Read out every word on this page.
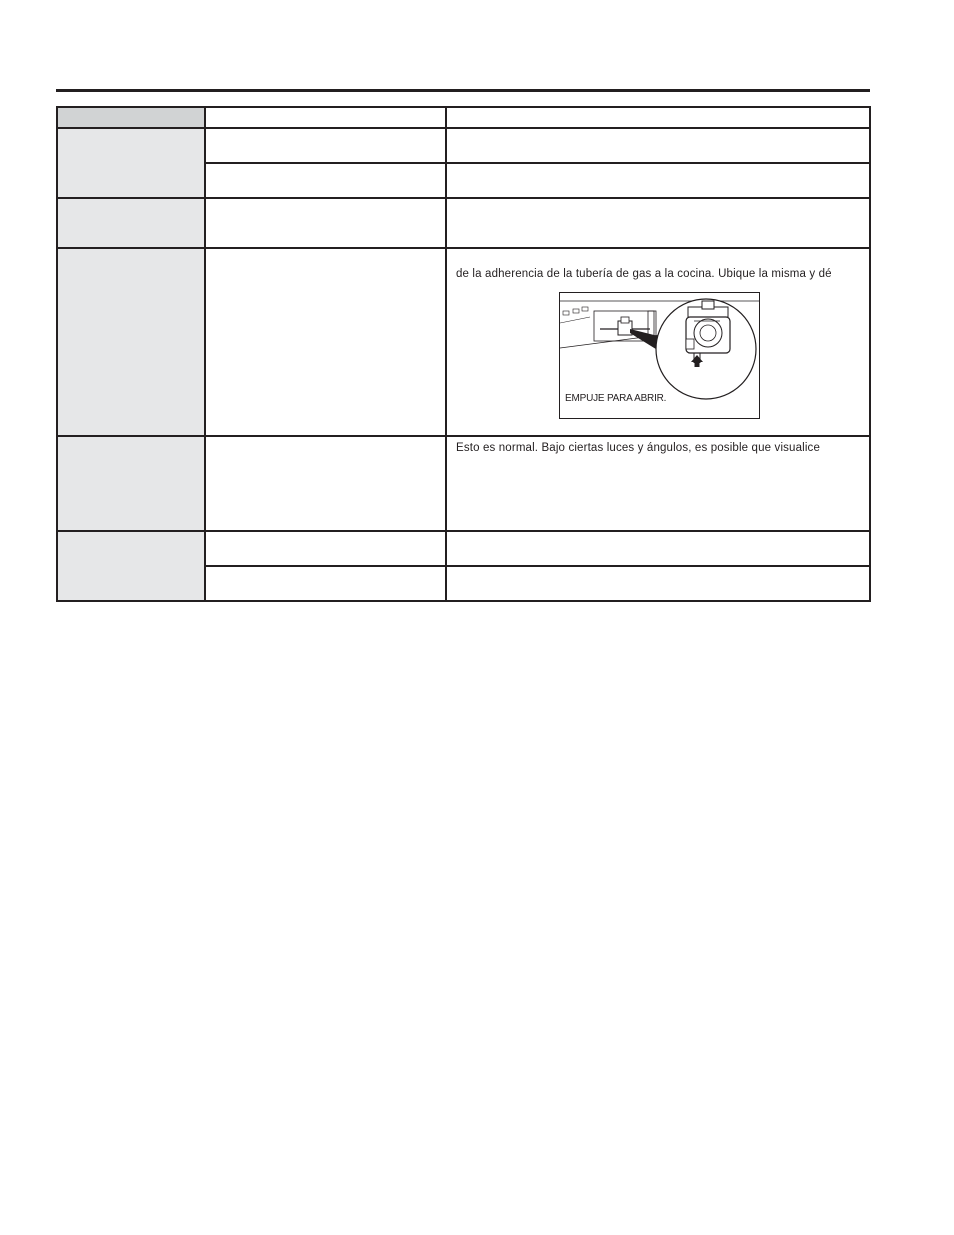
		de la adherencia de la tubería de gas a la cocina. Ubique la misma y dé
EMPUJE PARA ABRIR.

		Esto es normal. Bajo ciertas luces y ángulos, es posible que visualice
